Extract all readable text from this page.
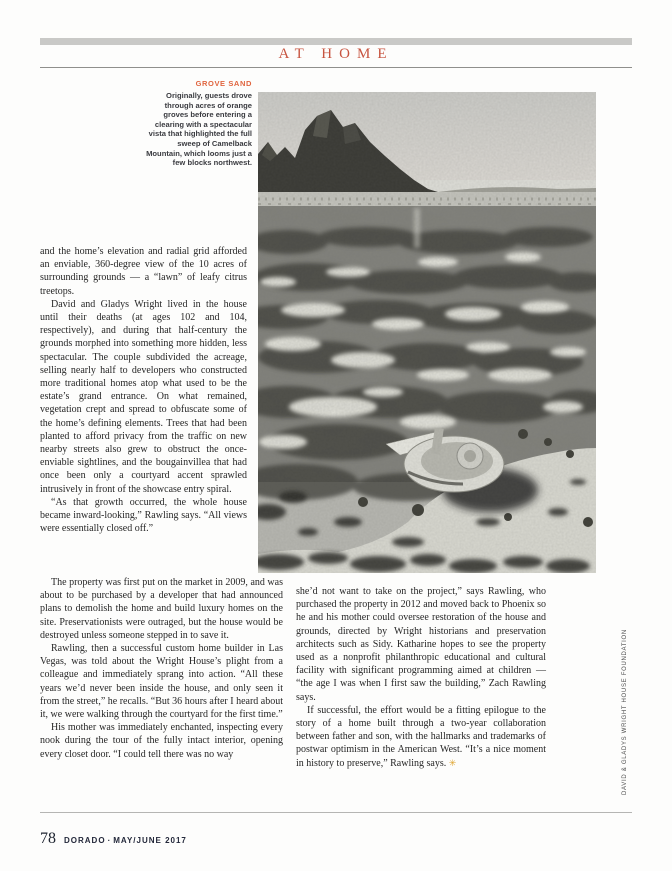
AT HOME
GROVE SAND
Originally, guests drove through acres of orange groves before entering a clearing with a spectacular vista that highlighted the full sweep of Camelback Mountain, which looms just a few blocks northwest.

and the home’s elevation and radial grid afforded an enviable, 360-degree view of the 10 acres of surrounding grounds — a “lawn” of leafy citrus treetops.

David and Gladys Wright lived in the house until their deaths (at ages 102 and 104, respectively), and during that half-century the grounds morphed into something more hidden, less spectacular. The couple subdivided the acreage, selling nearly half to developers who constructed more traditional homes atop what used to be the estate’s grand entrance. On what remained, vegetation crept and spread to obfuscate some of the home’s defining elements. Trees that had been planted to afford privacy from the traffic on new nearby streets also grew to obstruct the once-enviable sightlines, and the bougainvillea that had once been only a courtyard accent sprawled intrusively in front of the showcase entry spiral.

“As that growth occurred, the whole house became inward-looking,” Rawling says. “All views were essentially closed off.”

The property was first put on the market in 2009, and was about to be purchased by a developer that had announced plans to demolish the home and build luxury homes on the site. Preservationists were outraged, but the house would be destroyed unless someone stepped in to save it.

Rawling, then a successful custom home builder in Las Vegas, was told about the Wright House’s plight from a colleague and immediately sprang into action. “All these years we’d never been inside the house, and only seen it from the street,” he recalls. “But 36 hours after I heard about it, we were walking through the courtyard for the first time.”

His mother was immediately enchanted, inspecting every nook during the tour of the fully intact interior, opening every closet door. “I could tell there was no way

she’d not want to take on the project,” says Rawling, who purchased the property in 2012 and moved back to Phoenix so he and his mother could oversee restoration of the house and grounds, directed by Wright historians and preservation architects such as Sidy. Katharine hopes to see the property used as a nonprofit philanthropic educational and cultural facility with significant programming aimed at children — “the age I was when I first saw the building,” Zach Rawling says.

If successful, the effort would be a fitting epilogue to the story of a home built through a two-year collaboration between father and son, with the hallmarks and trademarks of postwar optimism in the American West. “It’s a nice moment in history to preserve,” Rawling says. ✳	DAVID & GLADYS WRIGHT HOUSE FOUNDATION
78 DORADO · MAY/JUNE 2017
